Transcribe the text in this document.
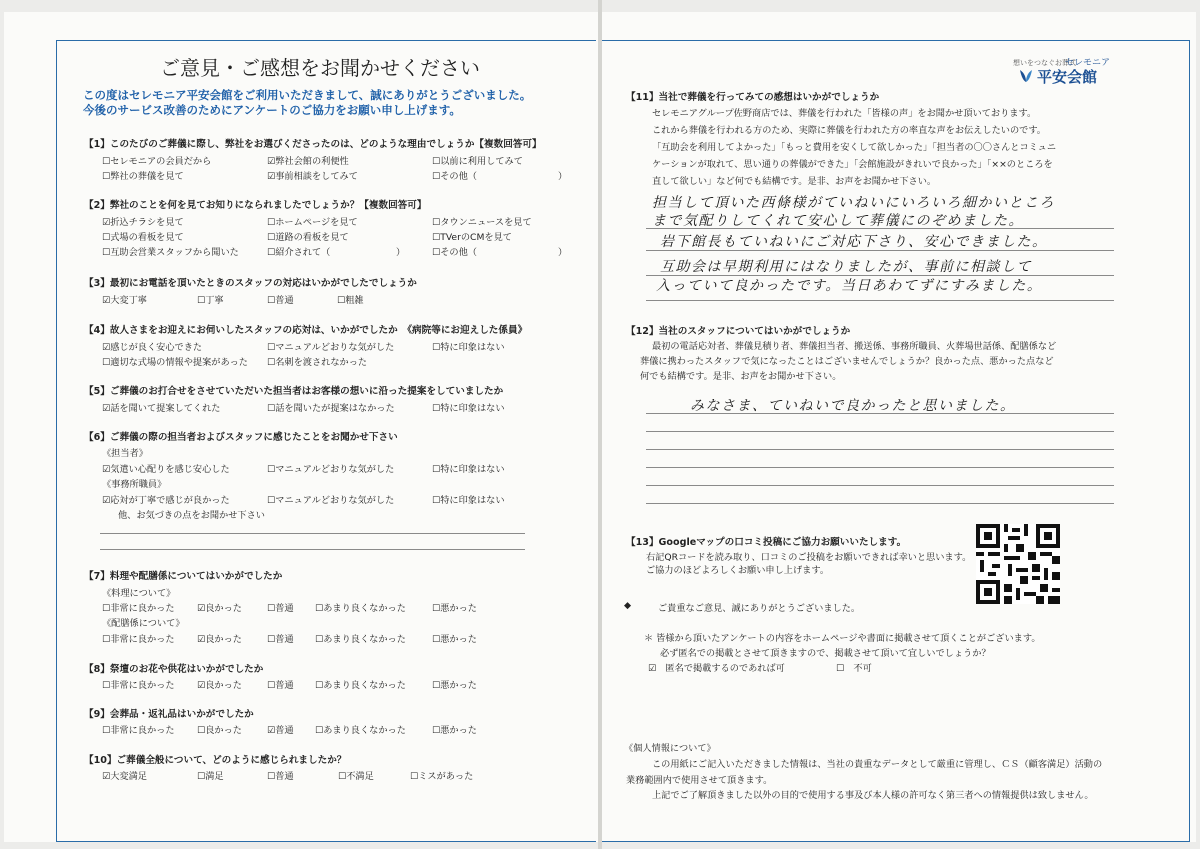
ご意見・ご感想をお聞かせください
この度はセレモニア平安会館をご利用いただきまして、誠にありがとうございました。
今後のサービス改善のためにアンケートのご協力をお願い申し上げます。
【1】このたびのご葬儀に際し、弊社をお選びくださったのは、どのような理由でしょうか【複数回答可】
☐セレモニアの会員だから	☑弊社会館の利便性	☐以前に利用してみて
☐弊社の葬儀を見て	☑事前相談をしてみて	☐その他（	）
【2】弊社のことを何を見てお知りになられましたでしょうか？【複数回答可】
☑折込チラシを見て	☐ホームページを見て	☐タウンニュースを見て
☐式場の看板を見て	☐道路の看板を見て	☐TVerのCMを見て
☐互助会営業スタッフから聞いた	☐紹介されて（	）	☐その他（	）
【3】最初にお電話を頂いたときのスタッフの対応はいかがでしたでしょうか
☑大変丁寧	☐丁寧	☐普通	☐粗雑
【4】故人さまをお迎えにお伺いしたスタッフの応対は、いかがでしたか　《病院等にお迎えした係員》
☑感じが良く安心できた	☐マニュアルどおりな気がした	☐特に印象はない
☐適切な式場の情報や提案があった ☐名刺を渡されなかった
【5】ご葬儀のお打合せをさせていただいた担当者はお客様の想いに沿った提案をしていましたか
☑話を聞いて提案してくれた	☐話を聞いたが提案はなかった	☐特に印象はない
【6】ご葬儀の際の担当者およびスタッフに感じたことをお聞かせ下さい
《担当者》
☑気遣い心配りを感じ安心した	☐マニュアルどおりな気がした	☐特に印象はない
《事務所職員》
☑応対が丁寧で感じが良かった	☐マニュアルどおりな気がした	☐特に印象はない
他、お気づきの点をお聞かせ下さい
【7】料理や配膳係についてはいかがでしたか
《料理について》
☐非常に良かった ☑良かった	☐普通 ☐あまり良くなかった	☐悪かった
《配膳係について》
☐非常に良かった ☑良かった	☐普通 ☐あまり良くなかった	☐悪かった
【8】祭壇のお花や供花はいかがでしたか
☐非常に良かった ☑良かった	☐普通 ☐あまり良くなかった	☐悪かった
【9】会葬品・返礼品はいかがでしたか
☐非常に良かった ☐良かった	☑普通 ☐あまり良くなかった	☐悪かった
【10】ご葬儀全般について、どのように感じられましたか？
☑大変満足	☐満足	☐普通	☐不満足	☐ミスがあった
想いをつなぐお葬式
セレモニア
平安会館
【11】当社で葬儀を行ってみての感想はいかがでしょうか
セレモニアグループ佐野商店では、葬儀を行われた「皆様の声」をお聞かせ頂いております。
これから葬儀を行われる方のため、実際に葬儀を行われた方の率直な声をお伝えしたいのです。
「互助会を利用してよかった」「もっと費用を安くして欲しかった」「担当者の〇〇さんとコミュニ
ケーションが取れて、思い通りの葬儀ができた」「会館施設がきれいで良かった」「××のところを
直して欲しい」など何でも結構です。是非、お声をお聞かせ下さい。
担当して頂いた西條様がていねいにいろいろ細かいところ
まで気配りしてくれて安心して葬儀にのぞめました。
岩下館長もていねいにご対応下さり、安心できました。
互助会は早期利用にはなりましたが、事前に相談して
入っていて良かったです。当日あわてずにすみました。
【12】当社のスタッフについてはいかがでしょうか
最初の電話応対者、葬儀見積り者、葬儀担当者、搬送係、事務所職員、火葬場世話係、配膳係など
葬儀に携わったスタッフで気になったことはございませんでしょうか？良かった点、悪かった点など
何でも結構です。是非、お声をお聞かせ下さい。
みなさま、ていねいで良かったと思いました。
【13】Googleマップの口コミ投稿にご協力お願いいたします。
右記QRコードを読み取り、口コミのご投稿をお願いできれば幸いと思います。
ご協力のほどよろしくお願い申し上げます。
◆	ご貴重なご意見、誠にありがとうございました。
＊ 皆様から頂いたアンケートの内容をホームページや書面に掲載させて頂くことがございます。
必ず匿名での掲載とさせて頂きますので、掲載させて頂いて宜しいでしょうか？
☑　匿名で掲載するのであれば可	☐　不可
《個人情報について》
この用紙にご記入いただきました情報は、当社の貴重なデータとして厳重に管理し、ＣＳ（顧客満足）活動の
業務範囲内で使用させて頂きます。
上記でご了解頂きました以外の目的で使用する事及び本人様の許可なく第三者への情報提供は致しません。
